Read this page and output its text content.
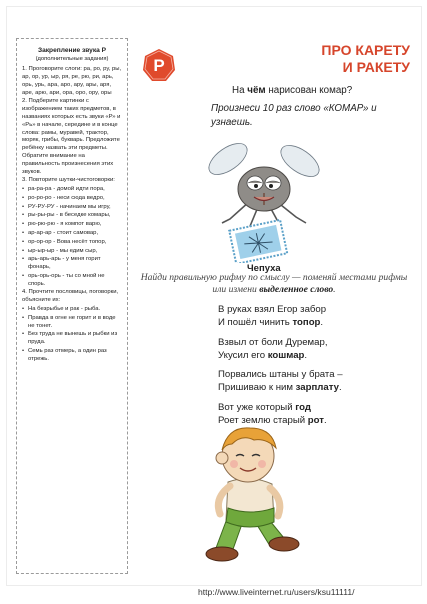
Закрепление звука Р
(дополнительные задания)
1. Проговорите слоги: ра, ро, ру, ры, ар, ор, ур, ыр, ря, ре, рю, ри, арь, орь, урь, ара, аро, ару, ары, аря, аре, арю, ари, ора, оро, ору, оры
2. Подберите картинки с изображением таких предметов, в названиях которых есть звуки «Р» и «Рь» в начале, середине и в конце слова: рамы, муравей, трактор, моряк, грибы, букварь. Предложите ребёнку назвать эти предметы. Обратите внимание на правильность произнесения этих звуков.
3. Повторите шутки-чистоговорки:
• ра-ра-ра - домой идти пора,
• ро-ро-ро - неси сюда ведро,
• РУ-РУ-РУ - начинаем мы игру,
• ры-ры-ры - в беседке комары,
• рю-рю-рю - я компот варю,
• ар-ар-ар - стоит самовар,
• ор-ор-ор - Вова несёт топор,
• ыр-ыр-ыр - мы едим сыр,
• арь-арь-арь - у меня горит фонарь,
• орь-орь-орь - ты со мной не спорь.
4. Прочтите пословицы, поговорки, объясните их:
• На безрыбье и рак - рыба.
• Правда в огне не горит и в воде не тонет.
• Без труда не вынешь и рыбки из пруда.
• Семь раз отмерь, а один раз отрежь.
Р
ПРО КАРЕТУ
И РАКЕТУ
На чём нарисован комар?
Произнеси 10 раз слово «КОМАР» и узнаешь.
Чепуха
Найди правильную рифму по смыслу — поменяй местами рифмы или измени выделенное слово.
В руках взял Егор забор
И пошёл чинить топор.
Взвыл от боли Дуремар,
Укусил его кошмар.
Порвались штаны у брата –
Пришиваю к ним зарплату.
Вот уже который год
Роет землю старый рот.
http://www.liveinternet.ru/users/ksu11111/
